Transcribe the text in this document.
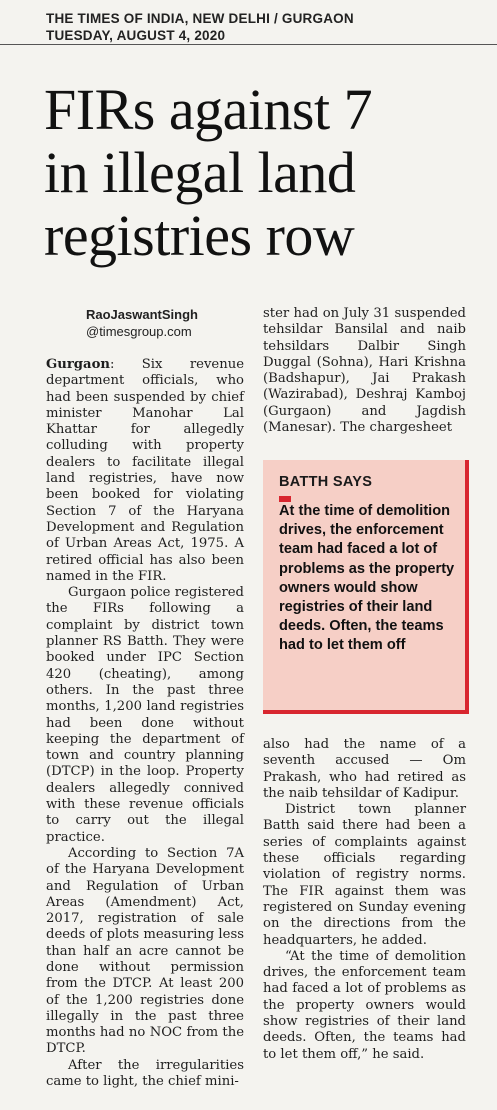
THE TIMES OF INDIA, NEW DELHI / GURGAON
TUESDAY, AUGUST 4, 2020
FIRs against 7
in illegal land
registries row
RaoJaswantSingh
@timesgroup.com

Gurgaon: Six revenue department officials, who had been suspended by chief minister Manohar Lal Khattar for allegedly colluding with property dealers to facilitate illegal land registries, have now been booked for violating Section 7 of the Haryana Development and Regulation of Urban Areas Act, 1975. A retired official has also been named in the FIR.

Gurgaon police registered the FIRs following a complaint by district town planner RS Batth. They were booked under IPC Section 420 (cheating), among others. In the past three months, 1,200 land registries had been done without keeping the department of town and country planning (DTCP) in the loop. Property dealers allegedly connived with these revenue officials to carry out the illegal practice.

According to Section 7A of the Haryana Development and Regulation of Urban Areas (Amendment) Act, 2017, registration of sale deeds of plots measuring less than half an acre cannot be done without permission from the DTCP. At least 200 of the 1,200 registries done illegally in the past three months had no NOC from the DTCP.

After the irregularities came to light, the chief mini-

ster had on July 31 suspended tehsildar Bansilal and naib tehsildars Dalbir Singh Duggal (Sohna), Hari Krishna (Badshapur), Jai Prakash (Wazirabad), Deshraj Kamboj (Gurgaon) and Jagdish (Manesar). The chargesheet

BATTH SAYS
At the time of demolition drives, the enforcement team had faced a lot of problems as the property owners would show registries of their land deeds. Often, the teams had to let them off

also had the name of a seventh accused — Om Prakash, who had retired as the naib tehsildar of Kadipur.

District town planner Batth said there had been a series of complaints against these officials regarding violation of registry norms. The FIR against them was registered on Sunday evening on the directions from the headquarters, he added.

“At the time of demolition drives, the enforcement team had faced a lot of problems as the property owners would show registries of their land deeds. Often, the teams had to let them off,” he said.
